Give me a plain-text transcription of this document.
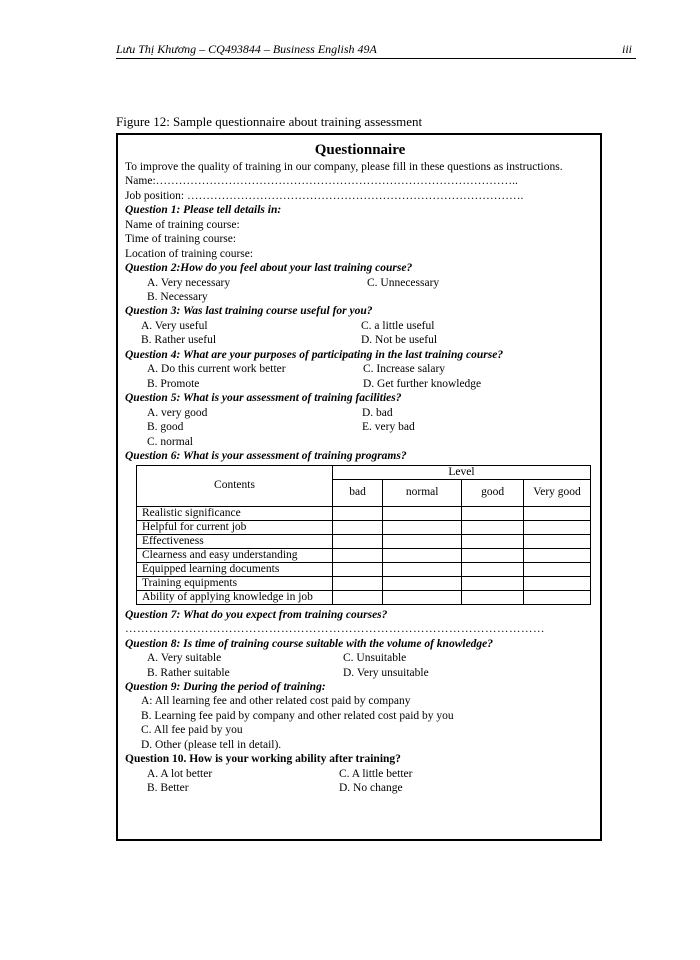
Lưu Thị Khương – CQ493844 – Business English 49A	iii
Figure 12: Sample questionnaire about training assessment
Questionnaire
To improve the quality of training in our company, please fill in these questions as instructions.
Name:…………………………………………………………………………………..
Job position: …………………………………………………………………………….
Question 1: Please tell details in:
Name of training course:
Time of training course:
Location of training course:
Question 2:How do you feel about your last training course?
A. Very necessary	C. Unnecessary
B. Necessary
Question 3: Was last training course useful for you?
A. Very useful	C. a little useful
B. Rather useful	D. Not be useful
Question 4: What are your purposes of participating in the last training course?
A. Do this current work better	C. Increase salary
B. Promote	D. Get further knowledge
Question 5: What is your assessment of training facilities?
A. very good	D. bad
B. good	E. very bad
C. normal
Question 6: What is your assessment of training programs?
Contents	Level			
	bad	normal	good	Very good
Realistic significance				
Helpful for current job				
Effectiveness				
Clearness and easy understanding				
Equipped learning documents				
Training equipments				
Ability of applying knowledge in job				
Question 7: What do you expect from training courses?
……………………………………………………………………………………………
Question 8: Is time of training course suitable with the volume of knowledge?
A. Very suitable	C. Unsuitable
B. Rather suitable	D. Very unsuitable
Question 9: During the period of training:
A: All learning fee and other related cost paid by company
B. Learning fee paid by company and other related cost paid by you
C. All fee paid by you
D. Other (please tell in detail).
Question 10. How is your working ability after training?
A. A lot better	C. A little better
B. Better	D. No change
